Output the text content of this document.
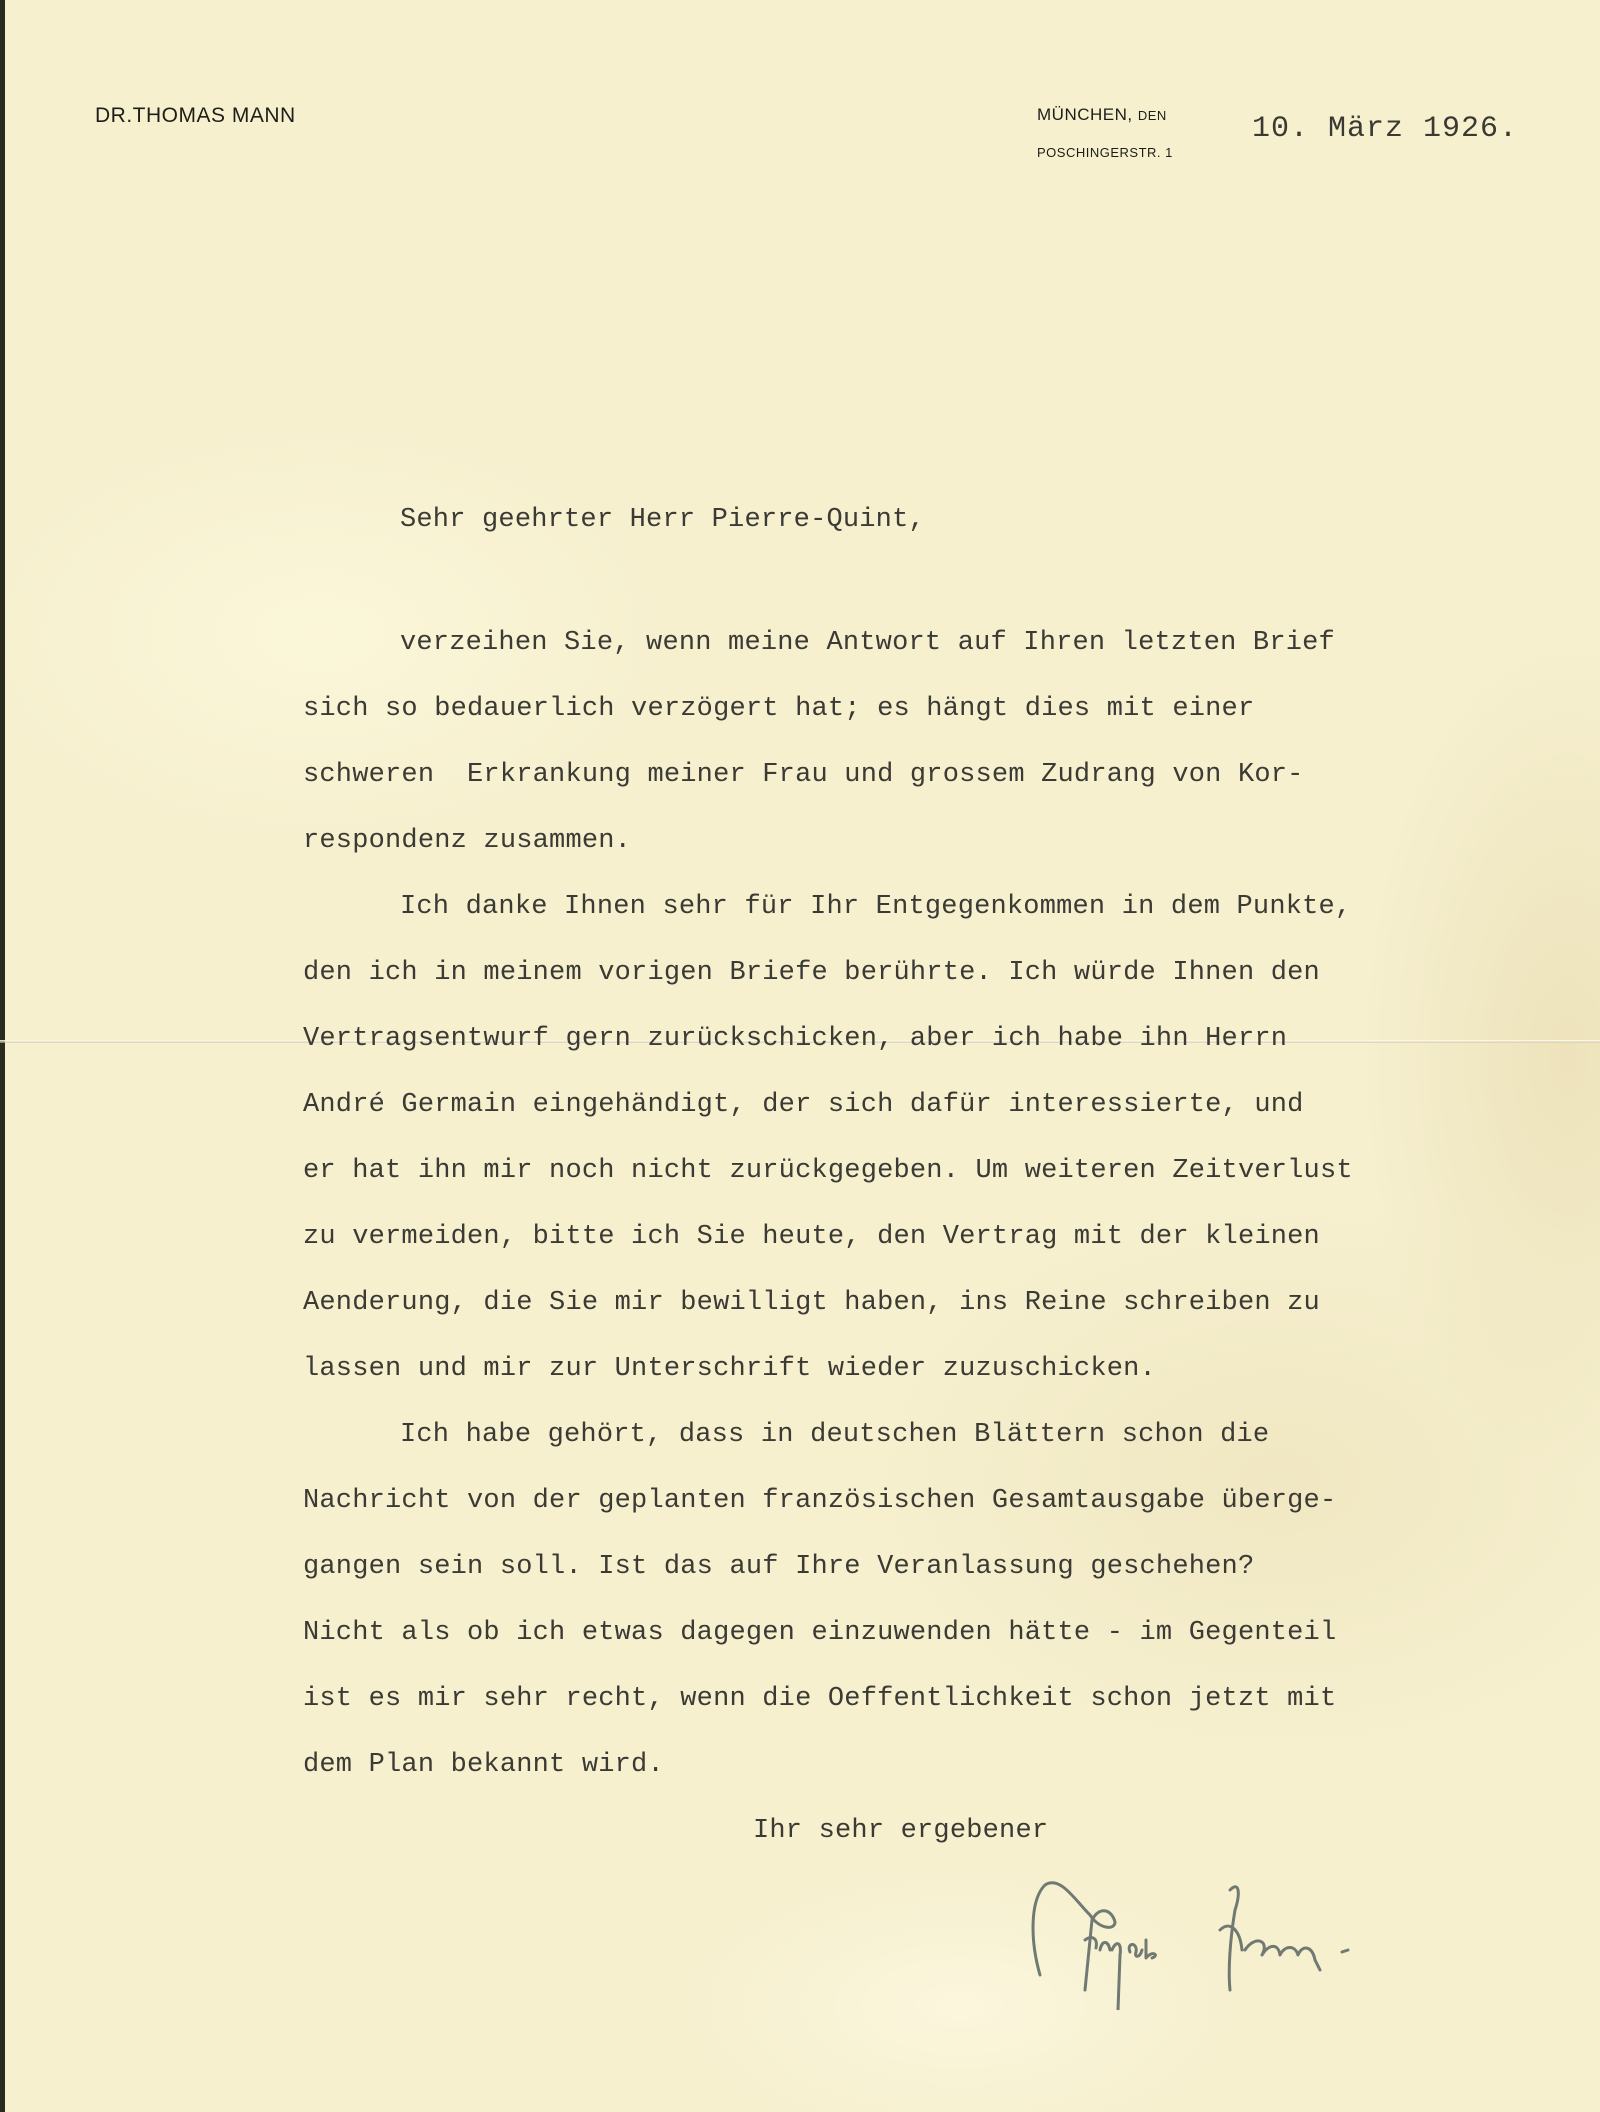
DR.THOMAS MANN	MÜNCHEN, DEN
POSCHINGERSTR. 1
10. März 1926.
Sehr geehrter Herr Pierre-Quint,
verzeihen Sie, wenn meine Antwort auf Ihren letzten Brief
sich so bedauerlich verzögert hat; es hängt dies mit einer
schweren  Erkrankung meiner Frau und grossem Zudrang von Kor-
respondenz zusammen.
Ich danke Ihnen sehr für Ihr Entgegenkommen in dem Punkte,
den ich in meinem vorigen Briefe berührte. Ich würde Ihnen den
Vertragsentwurf gern zurückschicken, aber ich habe ihn Herrn
André Germain eingehändigt, der sich dafür interessierte, und
er hat ihn mir noch nicht zurückgegeben. Um weiteren Zeitverlust
zu vermeiden, bitte ich Sie heute, den Vertrag mit der kleinen
Aenderung, die Sie mir bewilligt haben, ins Reine schreiben zu
lassen und mir zur Unterschrift wieder zuzuschicken.
Ich habe gehört, dass in deutschen Blättern schon die
Nachricht von der geplanten französischen Gesamtausgabe überge-
gangen sein soll. Ist das auf Ihre Veranlassung geschehen?
Nicht als ob ich etwas dagegen einzuwenden hätte - im Gegenteil
ist es mir sehr recht, wenn die Oeffentlichkeit schon jetzt mit
dem Plan bekannt wird.
Ihr sehr ergebener
